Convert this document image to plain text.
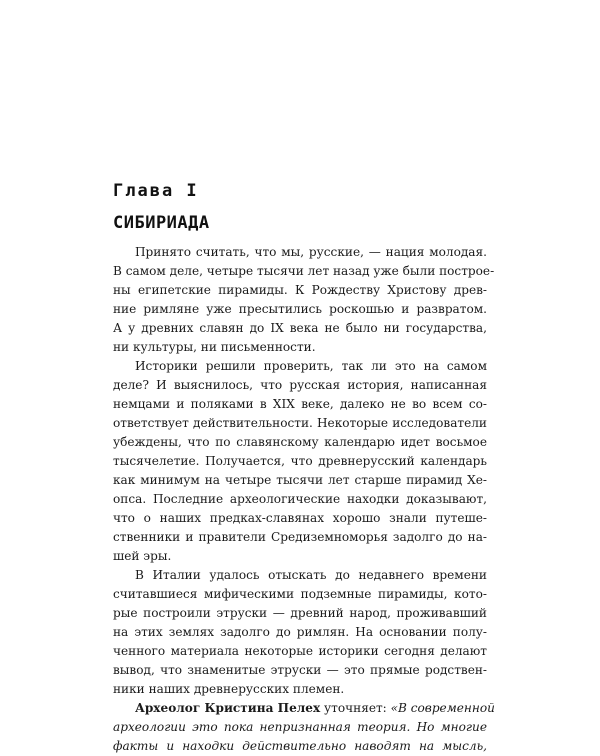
Глава I
СИБИРИАДА
Принято считать, что мы, русские, — нация молодая.
В самом деле, четыре тысячи лет назад уже были построе-
ны египетские пирамиды. К Рождеству Христову древ-
ние римляне уже пресытились роскошью и развратом.
А у древних славян до IX века не было ни государства,
ни культуры, ни письменности.
Историки решили проверить, так ли это на самом
деле? И выяснилось, что русская история, написанная
немцами и поляками в XIX веке, далеко не во всем со-
ответствует действительности. Некоторые исследователи
убеждены, что по славянскому календарю идет восьмое
тысячелетие. Получается, что древнерусский календарь
как минимум на четыре тысячи лет старше пирамид Хе-
опса. Последние археологические находки доказывают,
что о наших предках-славянах хорошо знали путеше-
ственники и правители Средиземноморья задолго до на-
шей эры.
В Италии удалось отыскать до недавнего времени
считавшиеся мифическими подземные пирамиды, кото-
рые построили этруски — древний народ, проживавший
на этих землях задолго до римлян. На основании полу-
ченного материала некоторые историки сегодня делают
вывод, что знаменитые этруски — это прямые родствен-
ники наших древнерусских племен.
Археолог Кристина Пелех уточняет: «В современной
археологии это пока непризнанная теория. Но многие
факты и находки действительно наводят на мысль,
